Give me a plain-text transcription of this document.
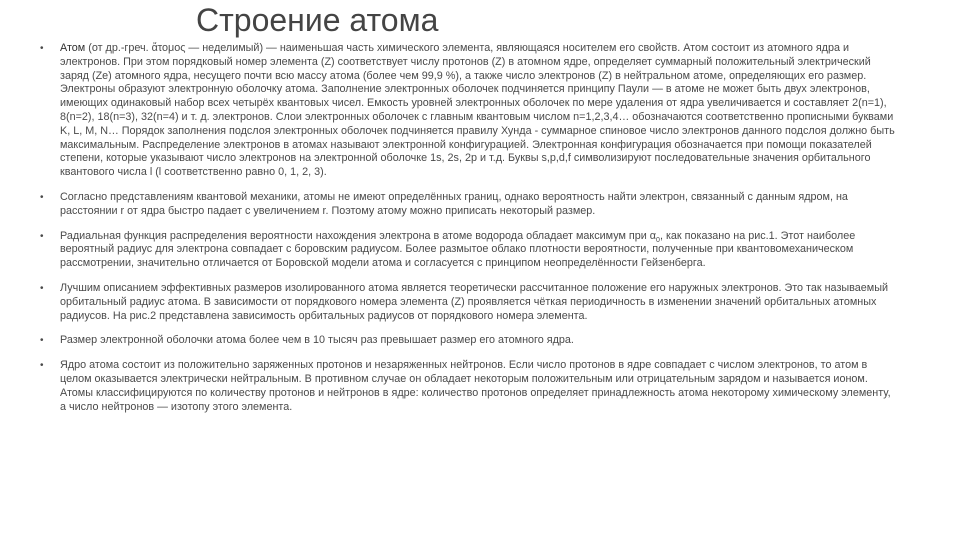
Строение атома
• Атом (от др.-греч. ἄτομος — неделимый) — наименьшая часть химического элемента, являющаяся носителем его свойств. Атом состоит из атомного ядра и электронов. При этом порядковый номер элемента (Z) соответствует числу протонов (Z) в атомном ядре, определяет суммарный положительный электрический заряд (Ze) атомного ядра, несущего почти всю массу атома (более чем 99,9 %), а также число электронов (Z) в нейтральном атоме, определяющих его размер. Электроны образуют электронную оболочку атома. Заполнение электронных оболочек подчиняется принципу Паули — в атоме не может быть двух электронов, имеющих одинаковый набор всех четырёх квантовых чисел. Емкость уровней электронных оболочек по мере удаления от ядра увеличивается и составляет 2(n=1), 8(n=2), 18(n=3), 32(n=4) и т. д. электронов. Слои электронных оболочек с главным квантовым числом n=1,2,3,4… обозначаются соответственно прописными буквами K, L, M, N… Порядок заполнения подслоя электронных оболочек подчиняется правилу Хунда - суммарное спиновое число электронов данного подслоя должно быть максимальным. Распределение электронов в атомах называют электронной конфигурацией. Электронная конфигурация обозначается при помощи показателей степени, которые указывают число электронов на электронной оболочке 1s, 2s, 2p и т.д. Буквы s,p,d,f символизируют последовательные значения орбитального квантового числа l (l соответственно равно 0, 1, 2, 3).
• Согласно представлениям квантовой механики, атомы не имеют определённых границ, однако вероятность найти электрон, связанный с данным ядром, на расстоянии r от ядра быстро падает с увеличением r. Поэтому атому можно приписать некоторый размер.
• Радиальная функция распределения вероятности нахождения электрона в атоме водорода обладает максимум при $\alpha_0$, как показано на рис.1. Этот наиболее вероятный радиус для электрона совпадает с боровским радиусом. Более размытое облако плотности вероятности, полученные при квантовомеханическом рассмотрении, значительно отличается от Боровской модели атома и согласуется с принципом неопределённости Гейзенберга.
• Лучшим описанием эффективных размеров изолированного атома является теоретически рассчитанное положение его наружных электронов. Это так называемый орбитальный радиус атома. В зависимости от порядкового номера элемента (Z) проявляется чёткая периодичность в изменении значений орбитальных атомных радиусов. На рис.2 представлена зависимость орбитальных радиусов от порядкового номера элемента.
• Размер электронной оболочки атома более чем в 10 тысяч раз превышает размер его атомного ядра.
• Ядро атома состоит из положительно заряженных протонов и незаряженных нейтронов. Если число протонов в ядре совпадает с числом электронов, то атом в целом оказывается электрически нейтральным. В противном случае он обладает некоторым положительным или отрицательным зарядом и называется ионом. Атомы классифицируются по количеству протонов и нейтронов в ядре: количество протонов определяет принадлежность атома некоторому химическому элементу, а число нейтронов — изотопу этого элемента.
